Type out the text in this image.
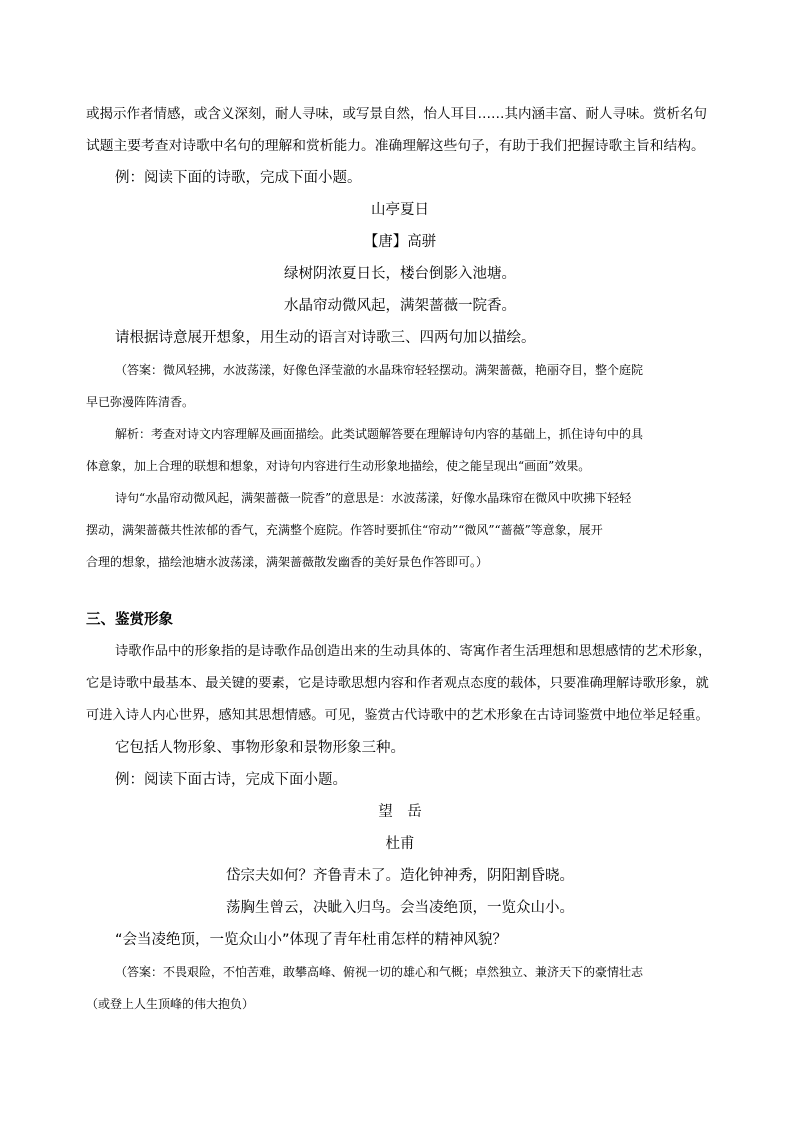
或揭示作者情感，或含义深刻，耐人寻味，或写景自然，怡人耳目……其内涵丰富、耐人寻味。赏析名句

试题主要考查对诗歌中名句的理解和赏析能力。准确理解这些句子，有助于我们把握诗歌主旨和结构。

例：阅读下面的诗歌，完成下面小题。

山亭夏日

【唐】高骈

绿树阴浓夏日长，楼台倒影入池塘。

水晶帘动微风起，满架蔷薇一院香。

请根据诗意展开想象，用生动的语言对诗歌三、四两句加以描绘。

（答案：微风轻拂，水波荡漾，好像色泽莹澈的水晶珠帘轻轻摆动。满架蔷薇，艳丽夺目，整个庭院

早已弥漫阵阵清香。

解析：考查对诗文内容理解及画面描绘。此类试题解答要在理解诗句内容的基础上，抓住诗句中的具

体意象，加上合理的联想和想象，对诗句内容进行生动形象地描绘，使之能呈现出“画面”效果。

诗句“水晶帘动微风起，满架蔷薇一院香”的意思是：水波荡漾，好像水晶珠帘在微风中吹拂下轻轻

摆动，满架蔷薇共性浓郁的香气，充满整个庭院。作答时要抓住“帘动”“微风”“蔷薇”等意象，展开

合理的想象，描绘池塘水波荡漾，满架蔷薇散发幽香的美好景色作答即可。）

三、鉴赏形象

诗歌作品中的形象指的是诗歌作品创造出来的生动具体的、寄寓作者生活理想和思想感情的艺术形象，

它是诗歌中最基本、最关键的要素，它是诗歌思想内容和作者观点态度的载体，只要准确理解诗歌形象，就

可进入诗人内心世界，感知其思想情感。可见，鉴赏古代诗歌中的艺术形象在古诗词鉴赏中地位举足轻重。

它包括人物形象、事物形象和景物形象三种。

例：阅读下面古诗，完成下面小题。

望　岳

杜甫

岱宗夫如何？齐鲁青未了。造化钟神秀，阴阳割昏晓。

荡胸生曾云，决眦入归鸟。会当凌绝顶，一览众山小。

“会当凌绝顶，一览众山小”体现了青年杜甫怎样的精神风貌？

（答案：不畏艰险，不怕苦难，敢攀高峰、俯视一切的雄心和气概；卓然独立、兼济天下的豪情壮志

（或登上人生顶峰的伟大抱负）
